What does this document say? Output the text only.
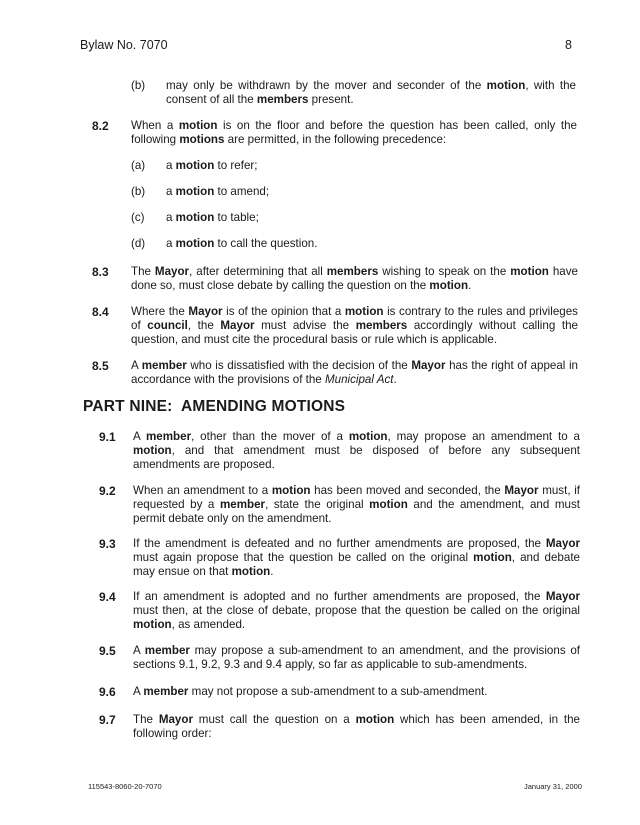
Bylaw No. 7070	8
(b) may only be withdrawn by the mover and seconder of the motion, with the consent of all the members present.
8.2 When a motion is on the floor and before the question has been called, only the following motions are permitted, in the following precedence:
(a) a motion to refer;
(b) a motion to amend;
(c) a motion to table;
(d) a motion to call the question.
8.3 The Mayor, after determining that all members wishing to speak on the motion have done so, must close debate by calling the question on the motion.
8.4 Where the Mayor is of the opinion that a motion is contrary to the rules and privileges of council, the Mayor must advise the members accordingly without calling the question, and must cite the procedural basis or rule which is applicable.
8.5 A member who is dissatisfied with the decision of the Mayor has the right of appeal in accordance with the provisions of the Municipal Act.
PART NINE:  AMENDING MOTIONS
9.1 A member, other than the mover of a motion, may propose an amendment to a motion, and that amendment must be disposed of before any subsequent amendments are proposed.
9.2 When an amendment to a motion has been moved and seconded, the Mayor must, if requested by a member, state the original motion and the amendment, and must permit debate only on the amendment.
9.3 If the amendment is defeated and no further amendments are proposed, the Mayor must again propose that the question be called on the original motion, and debate may ensue on that motion.
9.4 If an amendment is adopted and no further amendments are proposed, the Mayor must then, at the close of debate, propose that the question be called on the original motion, as amended.
9.5 A member may propose a sub-amendment to an amendment, and the provisions of sections 9.1, 9.2, 9.3 and 9.4 apply, so far as applicable to sub-amendments.
9.6 A member may not propose a sub-amendment to a sub-amendment.
9.7 The Mayor must call the question on a motion which has been amended, in the following order:
115543-8060-20-7070	January 31, 2000
